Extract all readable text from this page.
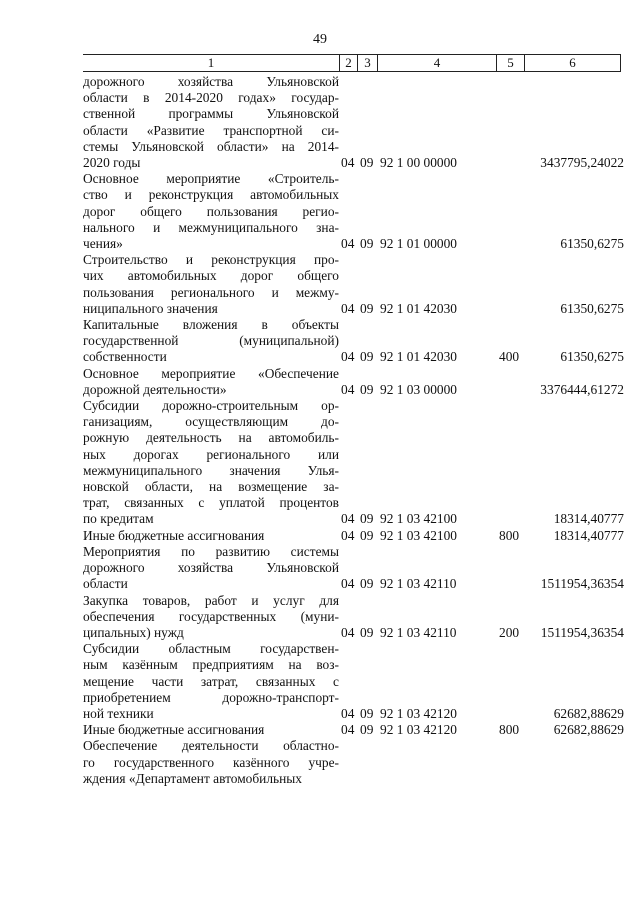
49
1	2 3	4	5	6
дорожного хозяйства Ульяновской
области в 2014-2020 годах» государ-
ственной программы Ульяновской
области «Развитие транспортной си-
стемы Ульяновской области» на 2014-
2020 годы	04 09 92 1 00 00000	3437795,24022
Основное мероприятие «Строитель-
ство и реконструкция автомобильных
дорог общего пользования регио-
нального и межмуниципального зна-
чения»	04 09 92 1 01 00000	61350,6275
Строительство и реконструкция про-
чих автомобильных дорог общего
пользования регионального и межму-
ниципального значения	04 09 92 1 01 42030	61350,6275
Капитальные вложения в объекты
государственной (муниципальной)
собственности	04 09 92 1 01 42030	400	61350,6275
Основное мероприятие «Обеспечение
дорожной деятельности»	04 09 92 1 03 00000	3376444,61272
Субсидии дорожно-строительным ор-
ганизациям, осуществляющим до-
рожную деятельность на автомобиль-
ных дорогах регионального или
межмуниципального значения Улья-
новской области, на возмещение за-
трат, связанных с уплатой процентов
по кредитам	04 09 92 1 03 42100	18314,40777
Иные бюджетные ассигнования	04 09 92 1 03 42100	800	18314,40777
Мероприятия по развитию системы
дорожного хозяйства Ульяновской
области	04 09 92 1 03 42110	1511954,36354
Закупка товаров, работ и услуг для
обеспечения государственных (муни-
ципальных) нужд	04 09 92 1 03 42110	200	1511954,36354
Субсидии областным государствен-
ным казённым предприятиям на воз-
мещение части затрат, связанных с
приобретением дорожно-транспорт-
ной техники	04 09 92 1 03 42120	62682,88629
Иные бюджетные ассигнования	04 09 92 1 03 42120	800	62682,88629
Обеспечение деятельности областно-
го государственного казённого учре-
ждения «Департамент автомобильных
